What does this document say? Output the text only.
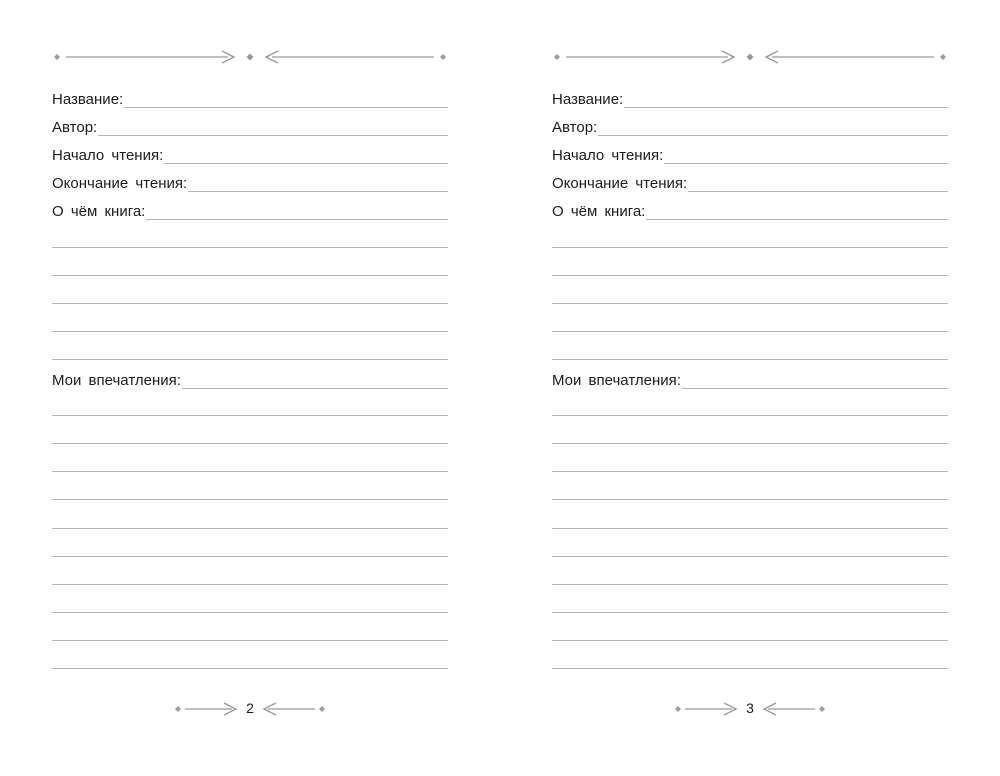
Название:
Автор:
Начало чтения:
Окончание чтения:
О чём книга:
Мои впечатления:
2
Название:
Автор:
Начало чтения:
Окончание чтения:
О чём книга:
Мои впечатления:
3
